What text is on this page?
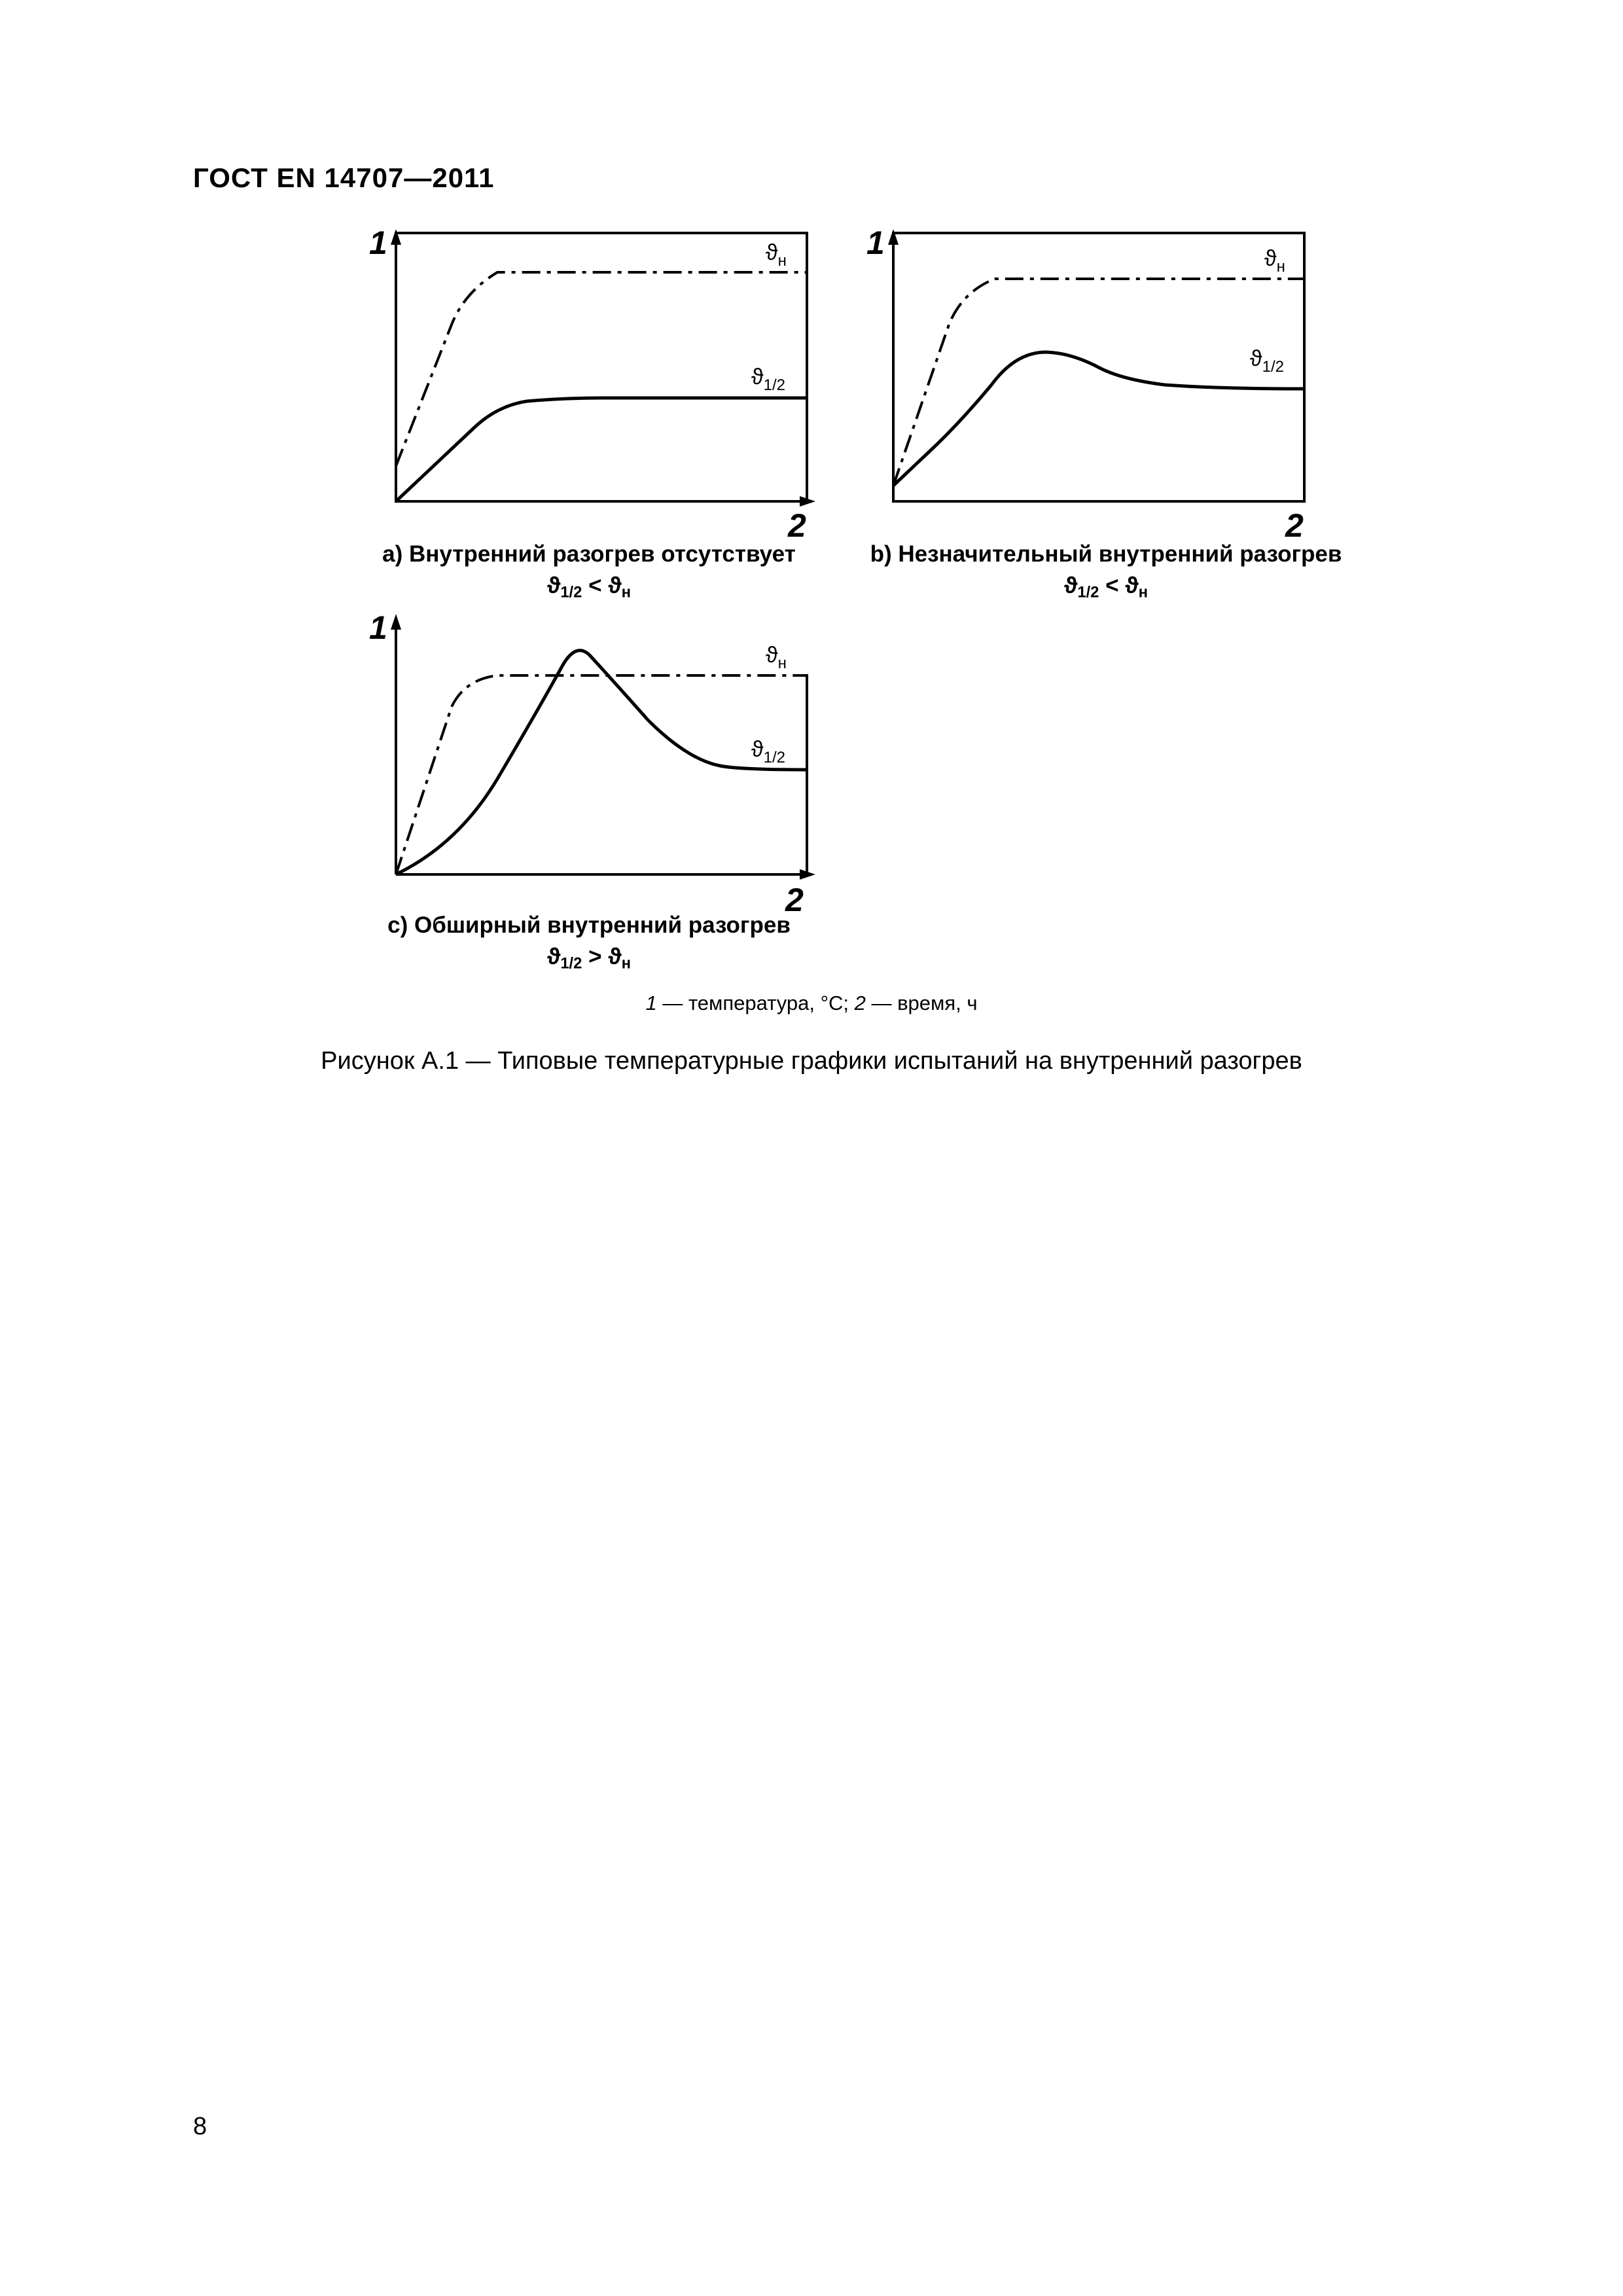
ГОСТ EN 14707—2011
1
2
$ϑ_н$
$ϑ_{1/2}$
а) Внутренний разогрев отсутствует
$ϑ_{1/2} < ϑ_н$
1
2
$ϑ_н$
$ϑ_{1/2}$
b) Незначительный внутренний разогрев
$ϑ_{1/2} < ϑ_н$
1
2
$ϑ_н$
$ϑ_{1/2}$
c) Обширный внутренний разогрев
$ϑ_{1/2} > ϑ_н$
1 — температура, °С; 2 — время, ч
Рисунок А.1 — Типовые температурные графики испытаний на внутренний разогрев
8
